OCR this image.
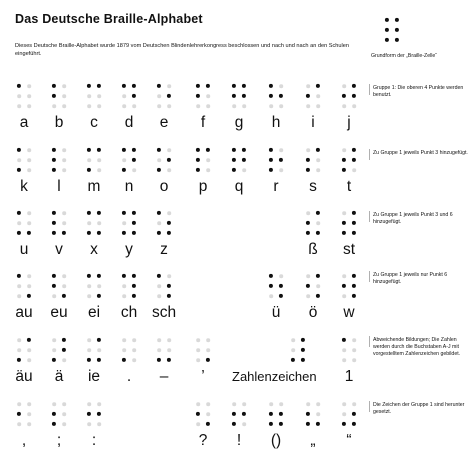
Das Deutsche Braille-Alphabet
Dieses Deutsche Braille-Alphabet wurde 1879 vom Deutschen Blindenlehrerkongress beschlossen und nach und nach an den Schulen eingeführt.	Grundform der „Braille-Zelle“
a b c d e f g h i j
k l m n o p q r s t
u v x y z	ß st
au eu ei ch sch	ü ö w
äu ä ie . – ’ Zahlenzeichen 1
, ; :	? ! () „ “
Gruppe 1: Die oberen 4 Punkte werden benutzt.
Zu Gruppe 1 jeweils Punkt 3 hinzugefügt.
Zu Gruppe 1 jeweils Punkt 3 und 6 hinzugefügt.
Zu Gruppe 1 jeweils nur Punkt 6 hinzugefügt.
Abweichende Bildungen; Die Zahlen werden durch die Buchstaben A-J mit vorgestelltem Zahlenzeichen gebildet.
Die Zeichen der Gruppe 1 sind herunter gesetzt.
